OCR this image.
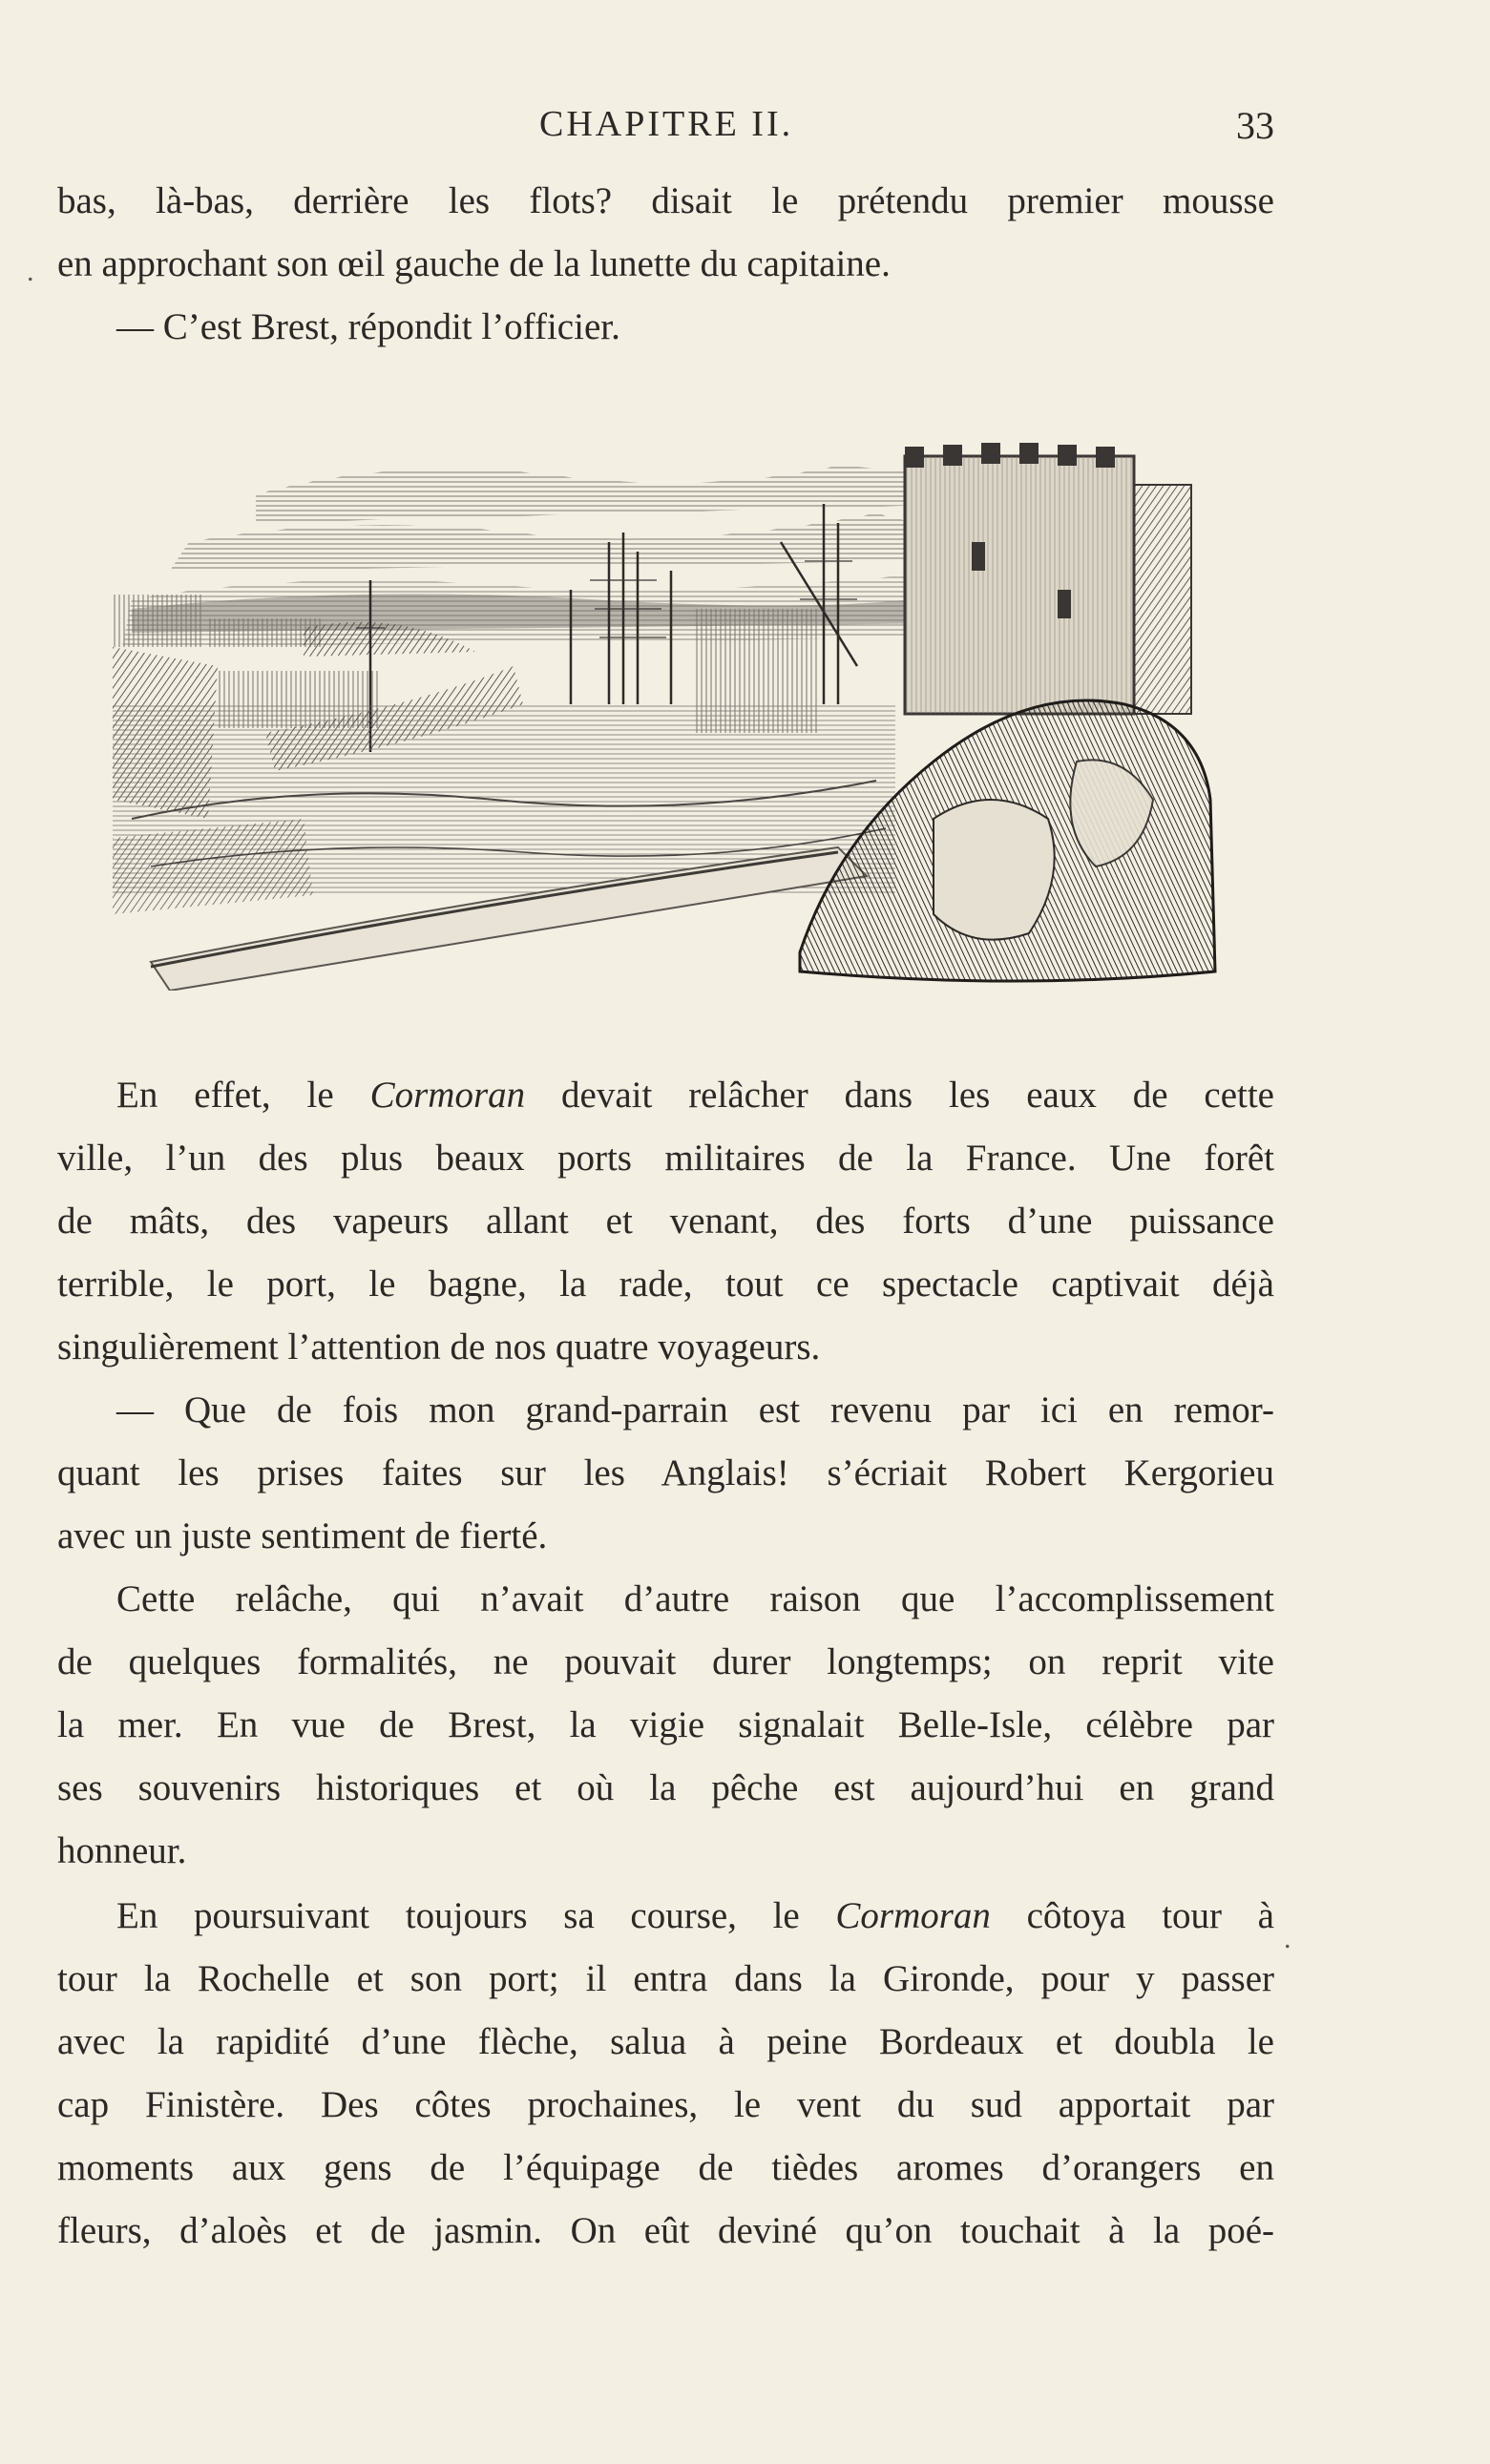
CHAPITRE II.	33
.

bas, là-bas, derrière les flots? disait le prétendu premier mousse
en approchant son œil gauche de la lunette du capitaine.
— C’est Brest, répondit l’officier.

En effet, le Cormoran devait relâcher dans les eaux de cette
ville, l’un des plus beaux ports militaires de la France. Une forêt
de mâts, des vapeurs allant et venant, des forts d’une puissance
terrible, le port, le bagne, la rade, tout ce spectacle captivait déjà
singulièrement l’attention de nos quatre voyageurs.

— Que de fois mon grand-parrain est revenu par ici en remor-
quant les prises faites sur les Anglais! s’écriait Robert Kergorieu
avec un juste sentiment de fierté.

Cette relâche, qui n’avait d’autre raison que l’accomplissement
de quelques formalités, ne pouvait durer longtemps; on reprit vite
la mer. En vue de Brest, la vigie signalait Belle-Isle, célèbre par
ses souvenirs historiques et où la pêche est aujourd’hui en grand
honneur.

.

En poursuivant toujours sa course, le Cormoran côtoya tour à
tour la Rochelle et son port; il entra dans la Gironde, pour y passer
avec la rapidité d’une flèche, salua à peine Bordeaux et doubla le
cap Finistère. Des côtes prochaines, le vent du sud apportait par
moments aux gens de l’équipage de tièdes aromes d’orangers en
fleurs, d’aloès et de jasmin. On eût deviné qu’on touchait à la poé-
